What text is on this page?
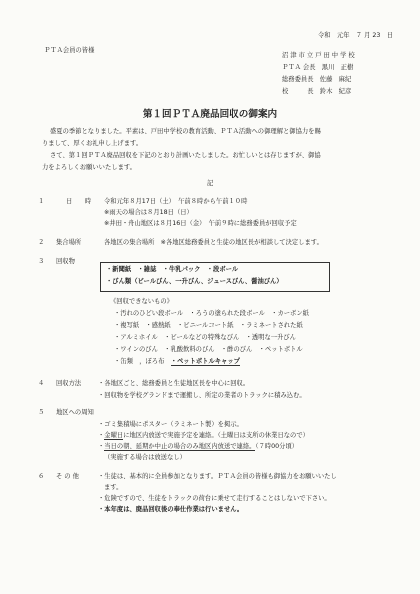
令和　元年　７ 月 23　日
ＰＴＡ会員の皆様
沼 津 市 立 戸 田 中 学 校
ＰＴＡ 会長　黒川　正樹
総務委員長　佐藤　麻紀
校　　　長　鈴木　紀彦
第１回ＰＴＡ廃品回収の御案内
盛夏の季節となりました。平素は、戸田中学校の教育活動、ＰＴＡ活動への御理解と御協力を賜
りまして、厚くお礼申し上げます。
さて、第１回ＰＴＡ廃品回収を下記のとおり計画いたしました。お忙しいとは存じますが、御協
力をよろしくお願いいたします。
記
１	日　　時 令和元年８月17日（土）　午前８時から午前１０時
※雨天の場合は８月18日（日）
※井田・舟山地区は８月16日（金）　午前９時に総務委員が回収予定
２ 集合場所	各地区の集合場所　※各地区総務委員と生徒の地区長が相談して決定します。
３ 回収物
・新聞紙　・雑誌　・牛乳パック　・段ボール
・びん類（ビールびん、一升びん、ジュースびん、醤油びん）
《回収できないもの》
・汚れのひどい段ボール　・ろうの塗られた段ボール　・カーボン紙
・複写紙　・感熱紙　・ビニールコート紙　・ラミネートされた紙
・アルミホイル　・ビールなどの特殊なびん　・透明な一升びん
・ワインのびん　・乳酸飲料のびん　・酢のびん　・ペットボトル
・缶類　，ぼろ布　・ペットボトルキャップ
４ 回収方法	・各地区ごと、総務委員と生徒地区長を中心に回収。
・回収物を学校グランドまで運搬し、所定の業者のトラックに積み込む。
５ 地区への周知
・ゴミ集積場にポスター（ラミネート製）を掲示。
・金曜日に地区内放送で実施予定を連絡。（土曜日は支所の休業日なので）
・当日の朝、延期か中止の場合のみ地区内放送で連絡。（７時00分頃）
（実施する場合は放送なし）
６ そ の 他	・生徒は、基本的に全員参加となります。ＰＴＡ会員の皆様も御協力をお願いいたし
ます。
・危険ですので、生徒をトラックの荷台に乗せて走行することはしないで下さい。
・本年度は、廃品回収後の奉仕作業は行いません。
